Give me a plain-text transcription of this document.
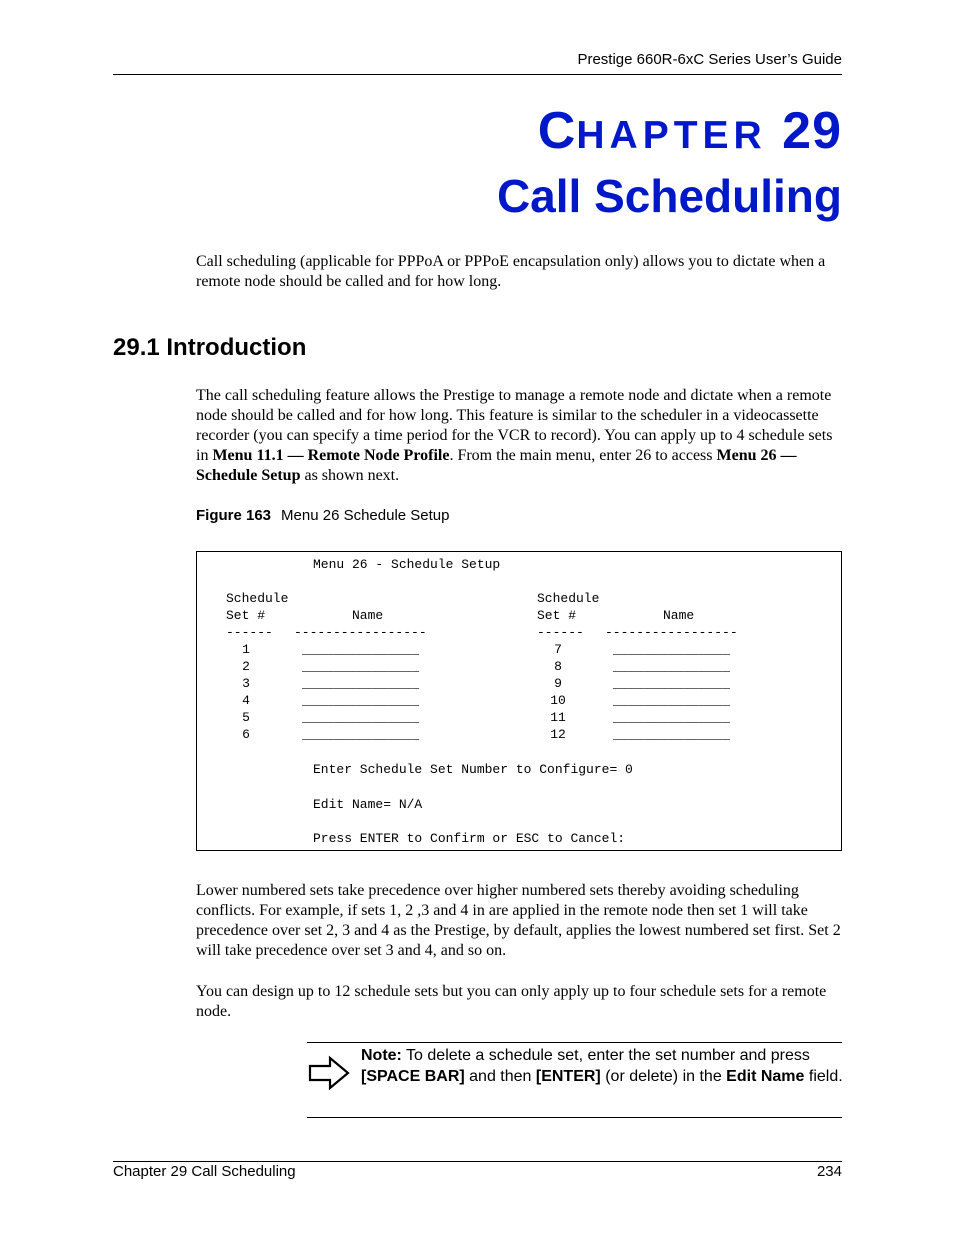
Prestige 660R-6xC Series User’s Guide
CHAPTER 29
Call Scheduling
Call scheduling (applicable for PPPoA or PPPoE encapsulation only) allows you to dictate when a remote node should be called and for how long.
29.1 Introduction
The call scheduling feature allows the Prestige to manage a remote node and dictate when a remote node should be called and for how long. This feature is similar to the scheduler in a videocassette recorder (you can specify a time period for the VCR to record). You can apply up to 4 schedule sets in Menu 11.1 — Remote Node Profile. From the main menu, enter 26 to access Menu 26 — Schedule Setup as shown next.
Figure 163 Menu 26 Schedule Setup
Menu 26 - Schedule Setup
Schedule
Set #	Name
------ -----------------
Schedule
Set #	Name
------ -----------------
1	_______________
2	_______________
3	_______________
4	_______________
5	_______________
6	_______________
7	_______________
8	_______________
9	_______________
10	_______________
11	_______________
12	_______________
Enter Schedule Set Number to Configure= 0
Edit Name= N/A
Press ENTER to Confirm or ESC to Cancel:
Lower numbered sets take precedence over higher numbered sets thereby avoiding scheduling conflicts. For example, if sets 1, 2 ,3 and 4 in are applied in the remote node then set 1 will take precedence over set 2, 3 and 4 as the Prestige, by default, applies the lowest numbered set first. Set 2 will take precedence over set 3 and 4, and so on.
You can design up to 12 schedule sets but you can only apply up to four schedule sets for a remote node.
Note: To delete a schedule set, enter the set number and press [SPACE BAR] and then [ENTER] (or delete) in the Edit Name field.
Chapter 29 Call Scheduling	234
